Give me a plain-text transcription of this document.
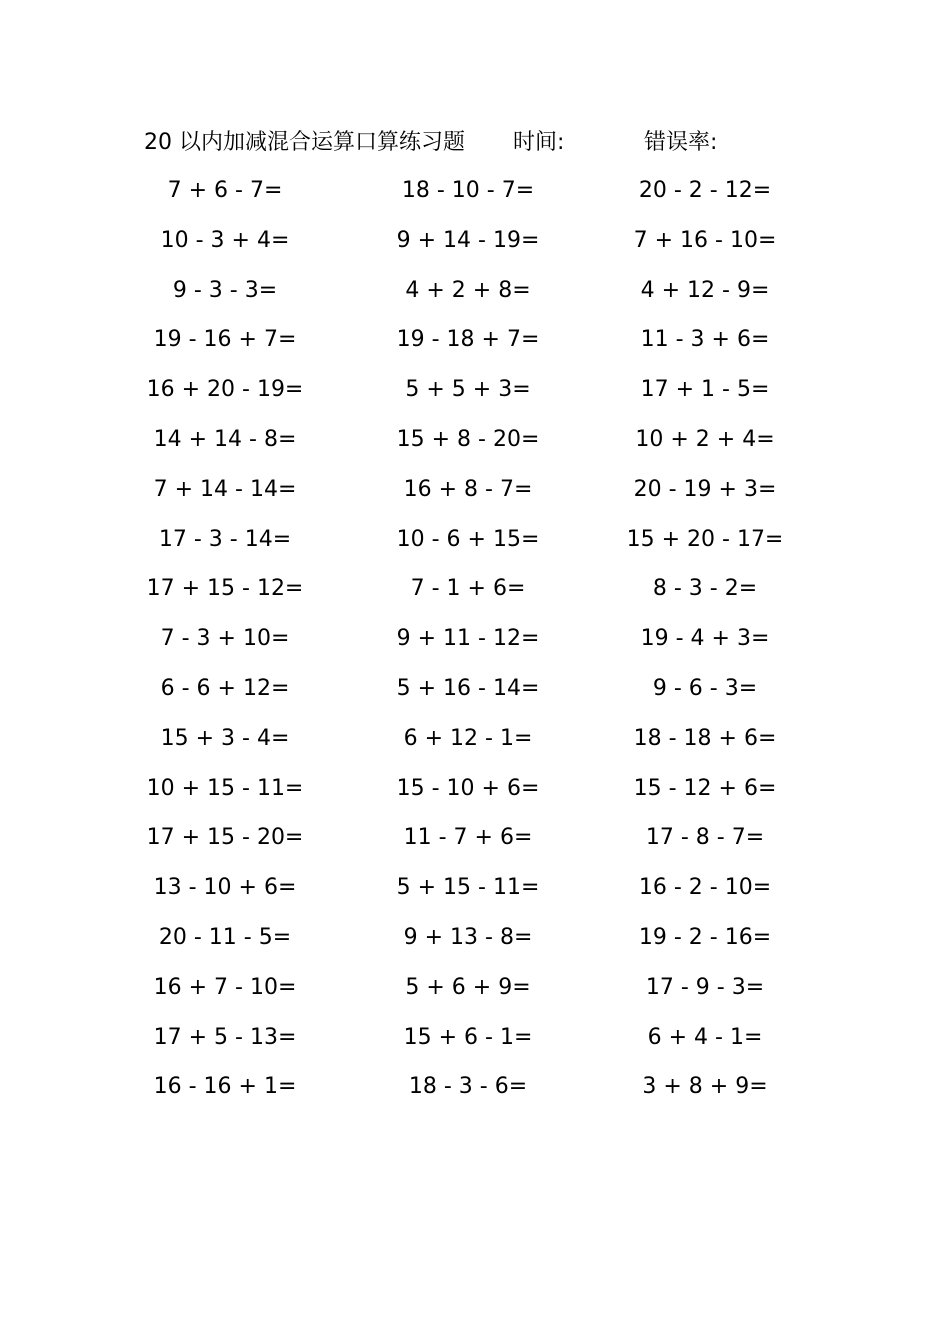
20 以内加减混合运算口算练习题 时间:	错误率:
7 + 6 - 7=	18 - 10 - 7=	20 - 2 - 12=
10 - 3 + 4=	9 + 14 - 19=	7 + 16 - 10=
9 - 3 - 3=	4 + 2 + 8=	4 + 12 - 9=
19 - 16 + 7=	19 - 18 + 7=	11 - 3 + 6=
16 + 20 - 19=	5 + 5 + 3=	17 + 1 - 5=
14 + 14 - 8=	15 + 8 - 20=	10 + 2 + 4=
7 + 14 - 14=	16 + 8 - 7=	20 - 19 + 3=
17 - 3 - 14=	10 - 6 + 15=	15 + 20 - 17=
17 + 15 - 12=	7 - 1 + 6=	8 - 3 - 2=
7 - 3 + 10=	9 + 11 - 12=	19 - 4 + 3=
6 - 6 + 12=	5 + 16 - 14=	9 - 6 - 3=
15 + 3 - 4=	6 + 12 - 1=	18 - 18 + 6=
10 + 15 - 11=	15 - 10 + 6=	15 - 12 + 6=
17 + 15 - 20=	11 - 7 + 6=	17 - 8 - 7=
13 - 10 + 6=	5 + 15 - 11=	16 - 2 - 10=
20 - 11 - 5=	9 + 13 - 8=	19 - 2 - 16=
16 + 7 - 10=	5 + 6 + 9=	17 - 9 - 3=
17 + 5 - 13=	15 + 6 - 1=	6 + 4 - 1=
16 - 16 + 1=	18 - 3 - 6=	3 + 8 + 9=
